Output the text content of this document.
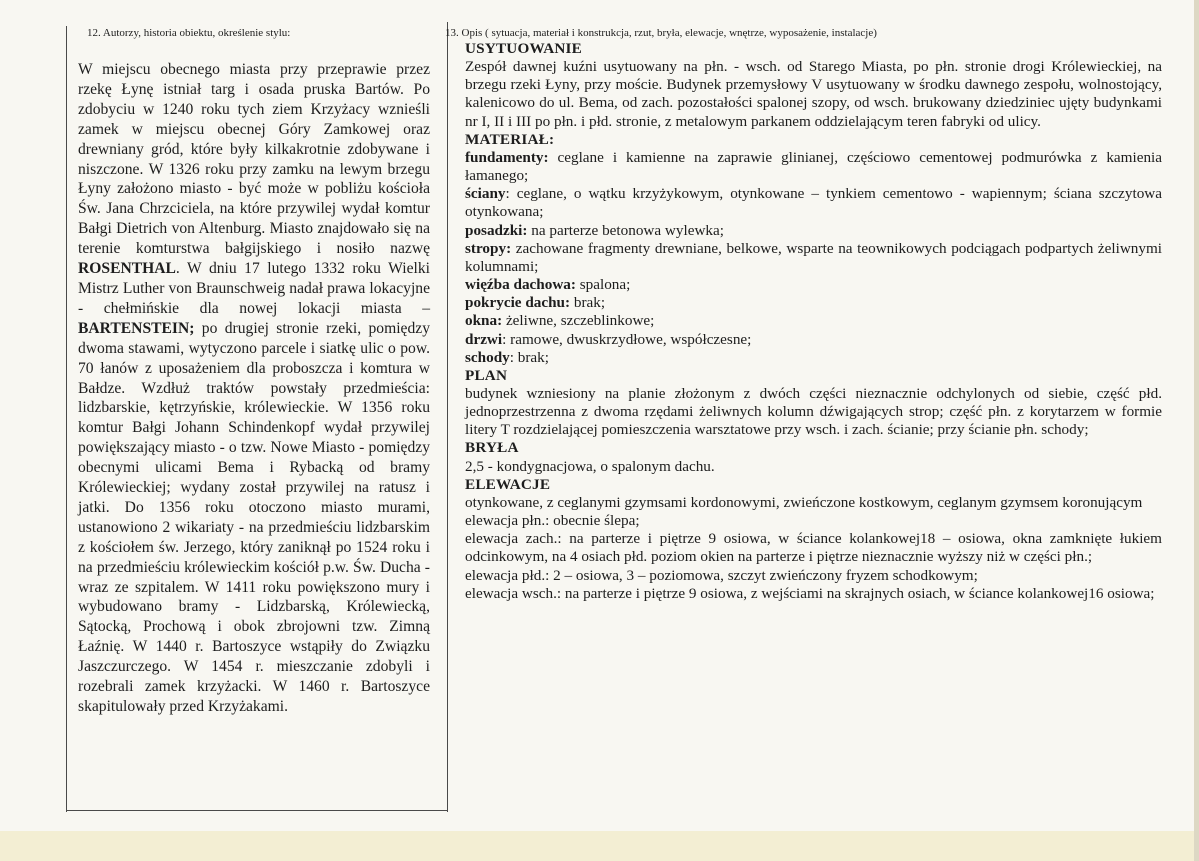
12. Autorzy, historia obiektu, określenie stylu:
W miejscu obecnego miasta przy przeprawie przez rzekę Łynę istniał targ i osada pruska Bartów. Po zdobyciu w 1240 roku tych ziem Krzyżacy wznieśli zamek w miejscu obecnej Góry Zamkowej oraz drewniany gród, które były kilkakrotnie zdobywane i niszczone. W 1326 roku przy zamku na lewym brzegu Łyny założono miasto - być może w pobliżu kościoła Św. Jana Chrzciciela, na które przywilej wydał komtur Bałgi Dietrich von Altenburg. Miasto znajdowało się na terenie komturstwa bałgijskiego i nosiło nazwę ROSENTHAL. W dniu 17 lutego 1332 roku Wielki Mistrz Luther von Braunschweig nadał prawa lokacyjne - chełmińskie dla nowej lokacji miasta – BARTENSTEIN; po drugiej stronie rzeki, pomiędzy dwoma stawami, wytyczono parcele i siatkę ulic o pow. 70 łanów z uposażeniem dla proboszcza i komtura w Bałdze. Wzdłuż traktów powstały przedmieścia: lidzbarskie, kętrzyńskie, królewieckie. W 1356 roku komtur Bałgi Johann Schindenkopf wydał przywilej powiększający miasto - o tzw. Nowe Miasto - pomiędzy obecnymi ulicami Bema i Rybacką od bramy Królewieckiej; wydany został przywilej na ratusz i jatki. Do 1356 roku otoczono miasto murami, ustanowiono 2 wikariaty - na przedmieściu lidzbarskim z kościołem św. Jerzego, który zaniknął po 1524 roku i na przedmieściu królewieckim kościół p.w. Św. Ducha - wraz ze szpitalem. W 1411 roku powiększono mury i wybudowano bramy - Lidzbarską, Królewiecką, Sątocką, Prochową i obok zbrojowni tzw. Zimną Łaźnię. W 1440 r. Bartoszyce wstąpiły do Związku Jaszczurczego. W 1454 r. mieszczanie zdobyli i rozebrali zamek krzyżacki. W 1460 r. Bartoszyce skapitulowały przed Krzyżakami.
13. Opis ( sytuacja, materiał i konstrukcja, rzut, bryła, elewacje, wnętrze, wyposażenie, instalacje)
USYTUOWANIE
Zespół dawnej kuźni usytuowany na płn. - wsch. od Starego Miasta, po płn. stronie drogi Królewieckiej, na brzegu rzeki Łyny, przy moście. Budynek przemysłowy V usytuowany w środku dawnego zespołu, wolnostojący, kalenicowo do ul. Bema, od zach. pozostałości spalonej szopy, od wsch. brukowany dziedziniec ujęty budynkami nr I, II i III po płn. i płd. stronie, z metalowym parkanem oddzielającym teren fabryki od ulicy.
MATERIAŁ:
fundamenty: ceglane i kamienne na zaprawie glinianej, częściowo cementowej podmurówka z kamienia łamanego;
ściany: ceglane, o wątku krzyżykowym, otynkowane – tynkiem cementowo - wapiennym; ściana szczytowa otynkowana;
posadzki: na parterze betonowa wylewka;
stropy: zachowane fragmenty drewniane, belkowe, wsparte na teownikowych podciągach podpartych żeliwnymi kolumnami;
więźba dachowa: spalona;
pokrycie dachu: brak;
okna: żeliwne, szczeblinkowe;
drzwi: ramowe, dwuskrzydłowe, współczesne;
schody: brak;
PLAN
budynek wzniesiony na planie złożonym z dwóch części nieznacznie odchylonych od siebie, część płd. jednoprzestrzenna z dwoma rzędami żeliwnych kolumn dźwigających strop; część płn. z korytarzem w formie litery T rozdzielającej pomieszczenia warsztatowe przy wsch. i zach. ścianie; przy ścianie płn. schody;
BRYŁA
2,5 - kondygnacjowa, o spalonym dachu.
ELEWACJE
otynkowane, z ceglanymi gzymsami kordonowymi, zwieńczone kostkowym, ceglanym gzymsem koronującym
elewacja płn.: obecnie ślepa;
elewacja zach.: na parterze i piętrze 9 osiowa, w ściance kolankowej18 – osiowa, okna zamknięte łukiem odcinkowym, na 4 osiach płd. poziom okien na parterze i piętrze nieznacznie wyższy niż w części płn.;
elewacja płd.: 2 – osiowa, 3 – poziomowa, szczyt zwieńczony fryzem schodkowym;
elewacja wsch.: na parterze i piętrze 9 osiowa, z wejściami na skrajnych osiach, w ściance kolankowej16 osiowa;
